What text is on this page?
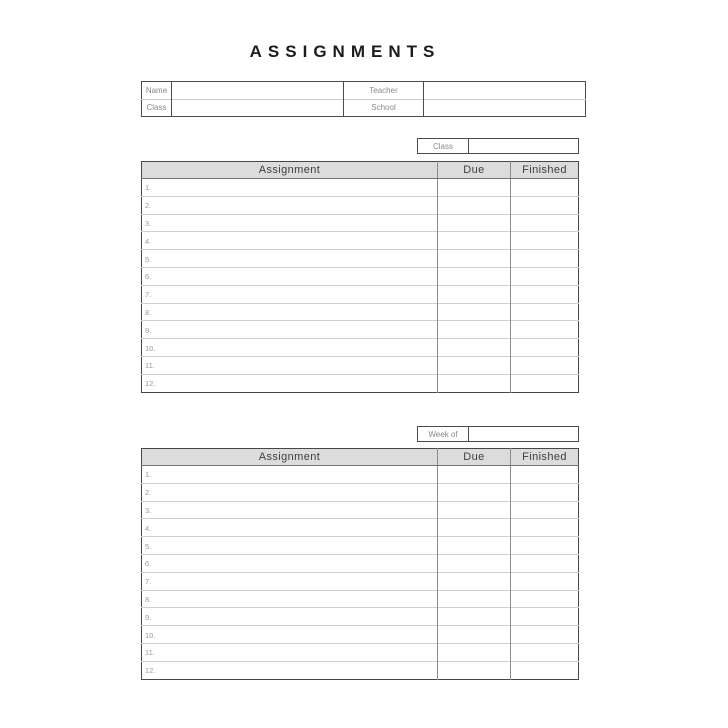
ASSIGNMENTS
Name		Teacher	
Class		School	
Class
Assignment	Due	Finished
1.		
2.		
3.		
4.		
5.		
6.		
7.		
8.		
9.		
10.		
11.		
12.		
Week of
Assignment	Due	Finished
1.		
2.		
3.		
4.		
5.		
6.		
7.		
8.		
9.		
10.		
11.		
12.		
